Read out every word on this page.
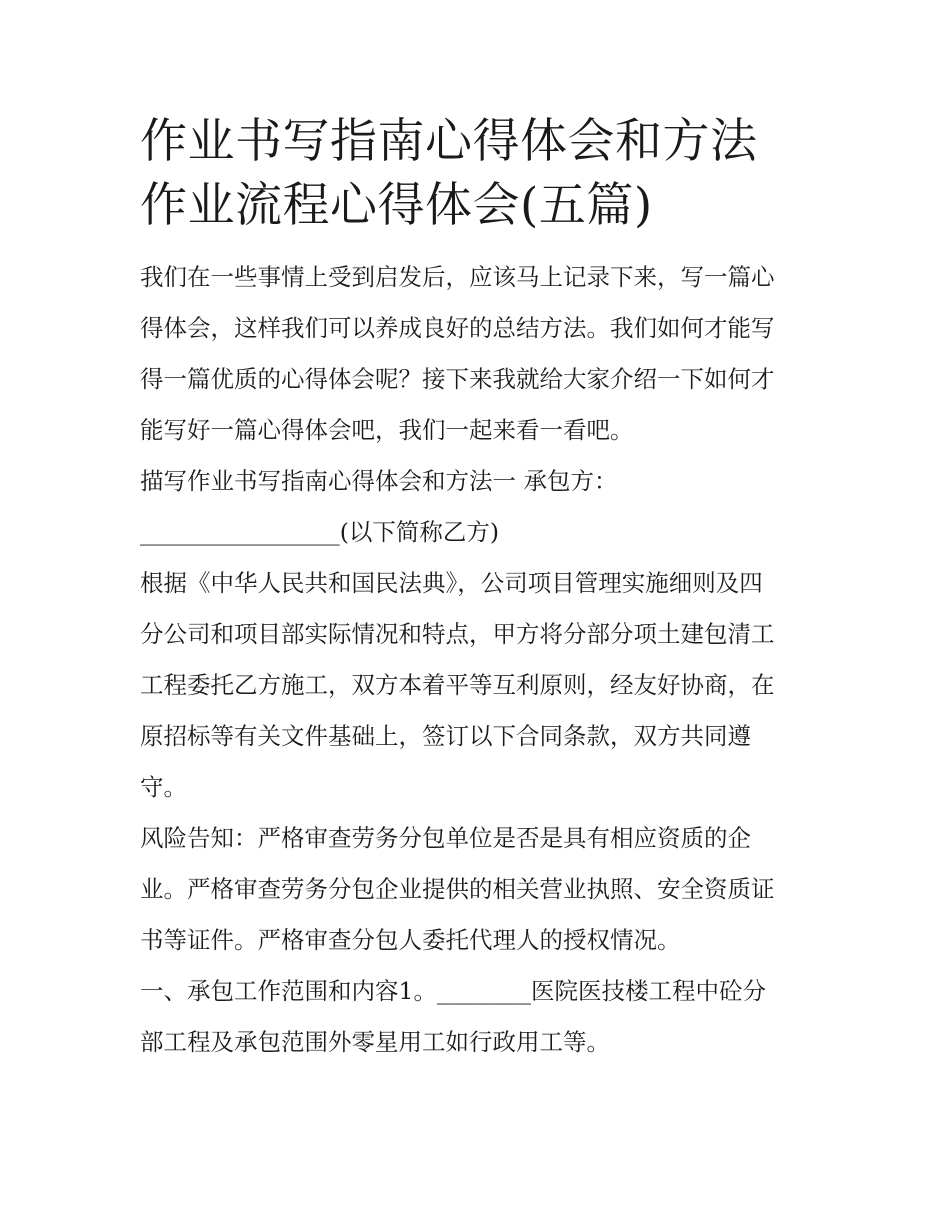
作业书写指南心得体会和方法
作业流程心得体会(五篇)

我们在一些事情上受到启发后，应该马上记录下来，写一篇心
得体会，这样我们可以养成良好的总结方法。我们如何才能写
得一篇优质的心得体会呢？接下来我就给大家介绍一下如何才
能写好一篇心得体会吧，我们一起来看一看吧。

描写作业书写指南心得体会和方法一 承包方：
_________________(以下简称乙方)

根据《中华人民共和国民法典》，公司项目管理实施细则及四
分公司和项目部实际情况和特点，甲方将分部分项土建包清工
工程委托乙方施工，双方本着平等互利原则，经友好协商，在
原招标等有关文件基础上，签订以下合同条款，双方共同遵
守。

风险告知：严格审查劳务分包单位是否是具有相应资质的企
业。严格审查劳务分包企业提供的相关营业执照、安全资质证
书等证件。严格审查分包人委托代理人的授权情况。

一、承包工作范围和内容1。________医院医技楼工程中砼分
部工程及承包范围外零星用工如行政用工等。
